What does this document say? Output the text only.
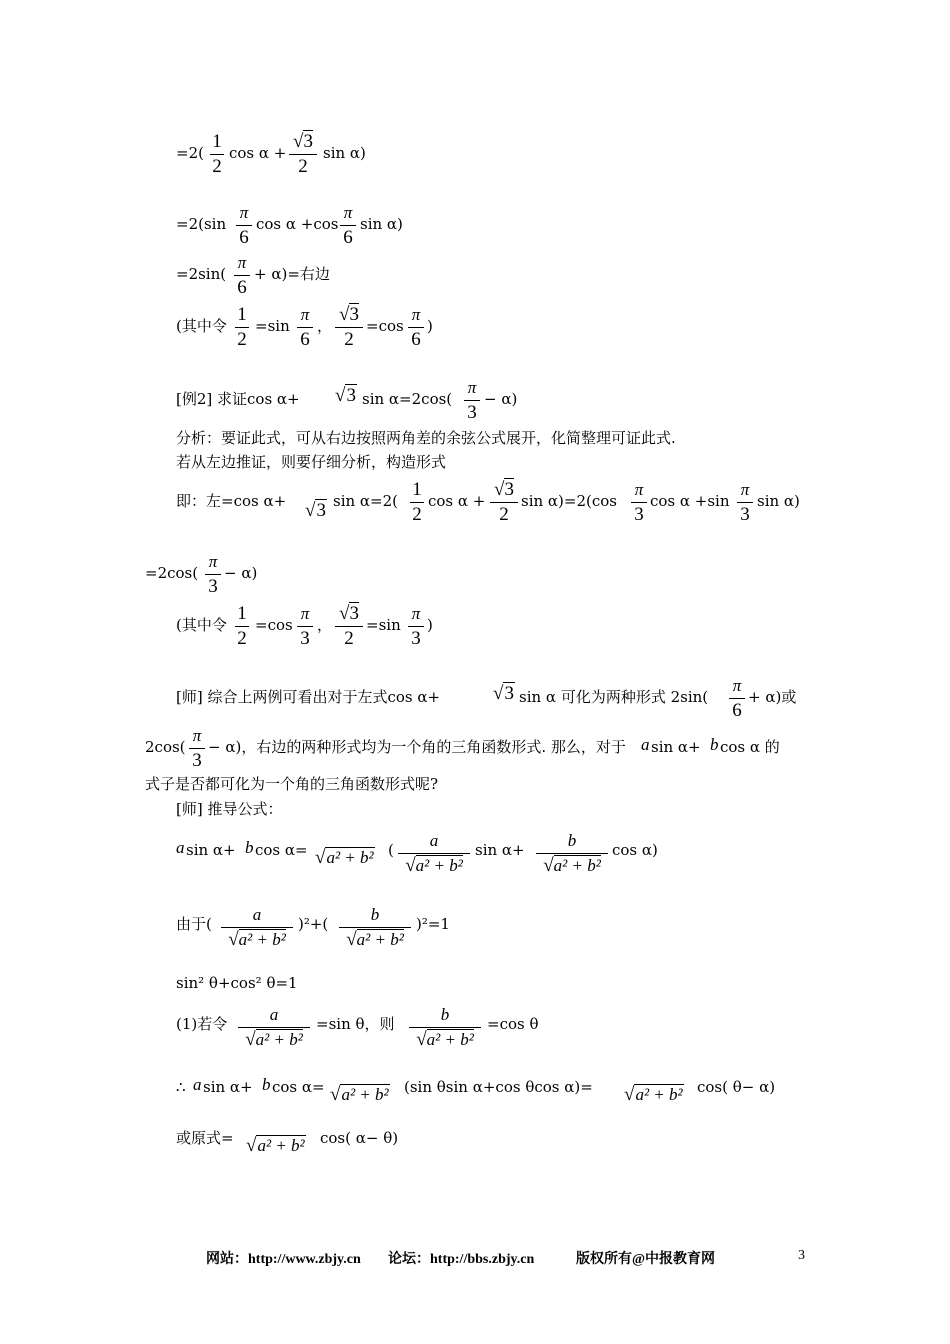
=2(
1
2
cos α +
√3
2
sin α)
=2(sin
π
6
cos α +cos
π
6
sin α)
=2sin(
π
6
+ α)=右边
(其中令
1
2
=sin
π
6
，
√3
2
=cos
π
6
)
[例2] 求证cos α+ √3 sin α=2cos(
π
3
− α)
分析：要证此式，可从右边按照两角差的余弦公式展开，化简整理可证此式.
若从左边推证，则要仔细分析，构造形式
即：左=cos α+ √3 sin α=2(
1
2
cos α +
√3
2
sin α)=2(cos
π
3
cos α +sin
π
3
sin α)
=2cos(
π
3
− α)
(其中令
1
2
=cos
π
3
，
√3
2
=sin
π
3
)
[师] 综合上两例可看出对于左式cos α+	√3 sin α 可化为两种形式 2sin(
π
6
+ α)或
2cos(
π
3
− α)，右边的两种形式均为一个角的三角函数形式. 那么，对于 a sin α+ b cos α 的
式子是否都可化为一个角的三角函数形式呢?
[师] 推导公式：
a sin α+ b cos α= √a² + b² (	a
√a² + b²
sin α+	b
√a² + b²
cos α)
由于(	a
√a² + b²
)²+(	b
√a² + b²
)²=1
sin² θ+cos² θ=1
(1)若令	a
√a² + b²
=sin θ，则	b
√a² + b²
=cos θ
∴ a sin α+ b cos α= √a² + b² (sin θsin α+cos θcos α)= √a² + b² cos( θ− α)
或原式= √a² + b² cos( α− θ)
网站：http://www.zbjy.cn 论坛：http://bbs.zbjy.cn	版权所有@中报教育网	3
